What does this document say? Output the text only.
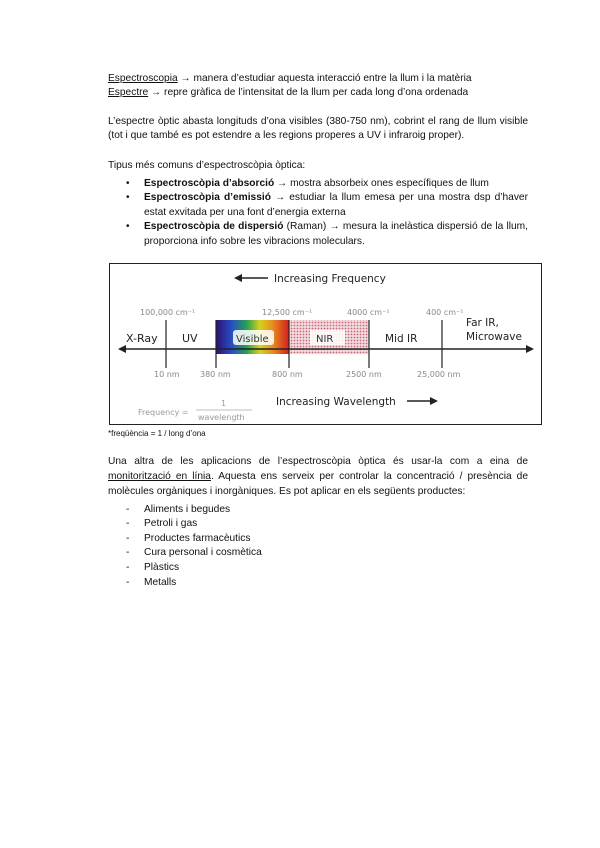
Espectroscopia → manera d’estudiar aquesta interacció entre la llum i la matèria

Espectre → repre gràfica de l’intensitat de la llum per cada long d’ona ordenada

L’espectre òptic abasta longituds d’ona visibles (380-750 nm), cobrint el rang de llum visible (tot i que també es pot estendre a les regions properes a UV i infraroig proper).

Tipus més comuns d’espectroscòpia òptica:

• Espectroscòpia d’absorció → mostra absorbeix ones específiques de llum
• Espectroscòpia d’emissió → estudiar la llum emesa per una mostra dsp d’haver estat exvitada per una font d’energia externa
• Espectroscòpia de dispersió (Raman) → mesura la inelàstica dispersió de la llum, proporciona info sobre les vibracions moleculars.
Increasing Frequency
100,000 cm⁻¹	12,500 cm⁻¹	4000 cm⁻¹	400 cm⁻¹
X-Ray UV	Visible	NIR	Mid IR
Far IR,
Microwave
10 nm	380 nm	800 nm	2500 nm	25,000 nm
Increasing Wavelength
Frequency =
1
wavelength

*freqüència = 1 / long d’ona

Una altra de les aplicacions de l’espectroscòpia òptica és usar-la com a eina de monitorització en línia. Aquesta ens serveix per controlar la concentració / presència de molècules orgàniques i inorgàniques. Es pot aplicar en els següents productes:

- Aliments i begudes
- Petroli i gas
- Productes farmacèutics
- Cura personal i cosmètica
- Plàstics
- Metalls
